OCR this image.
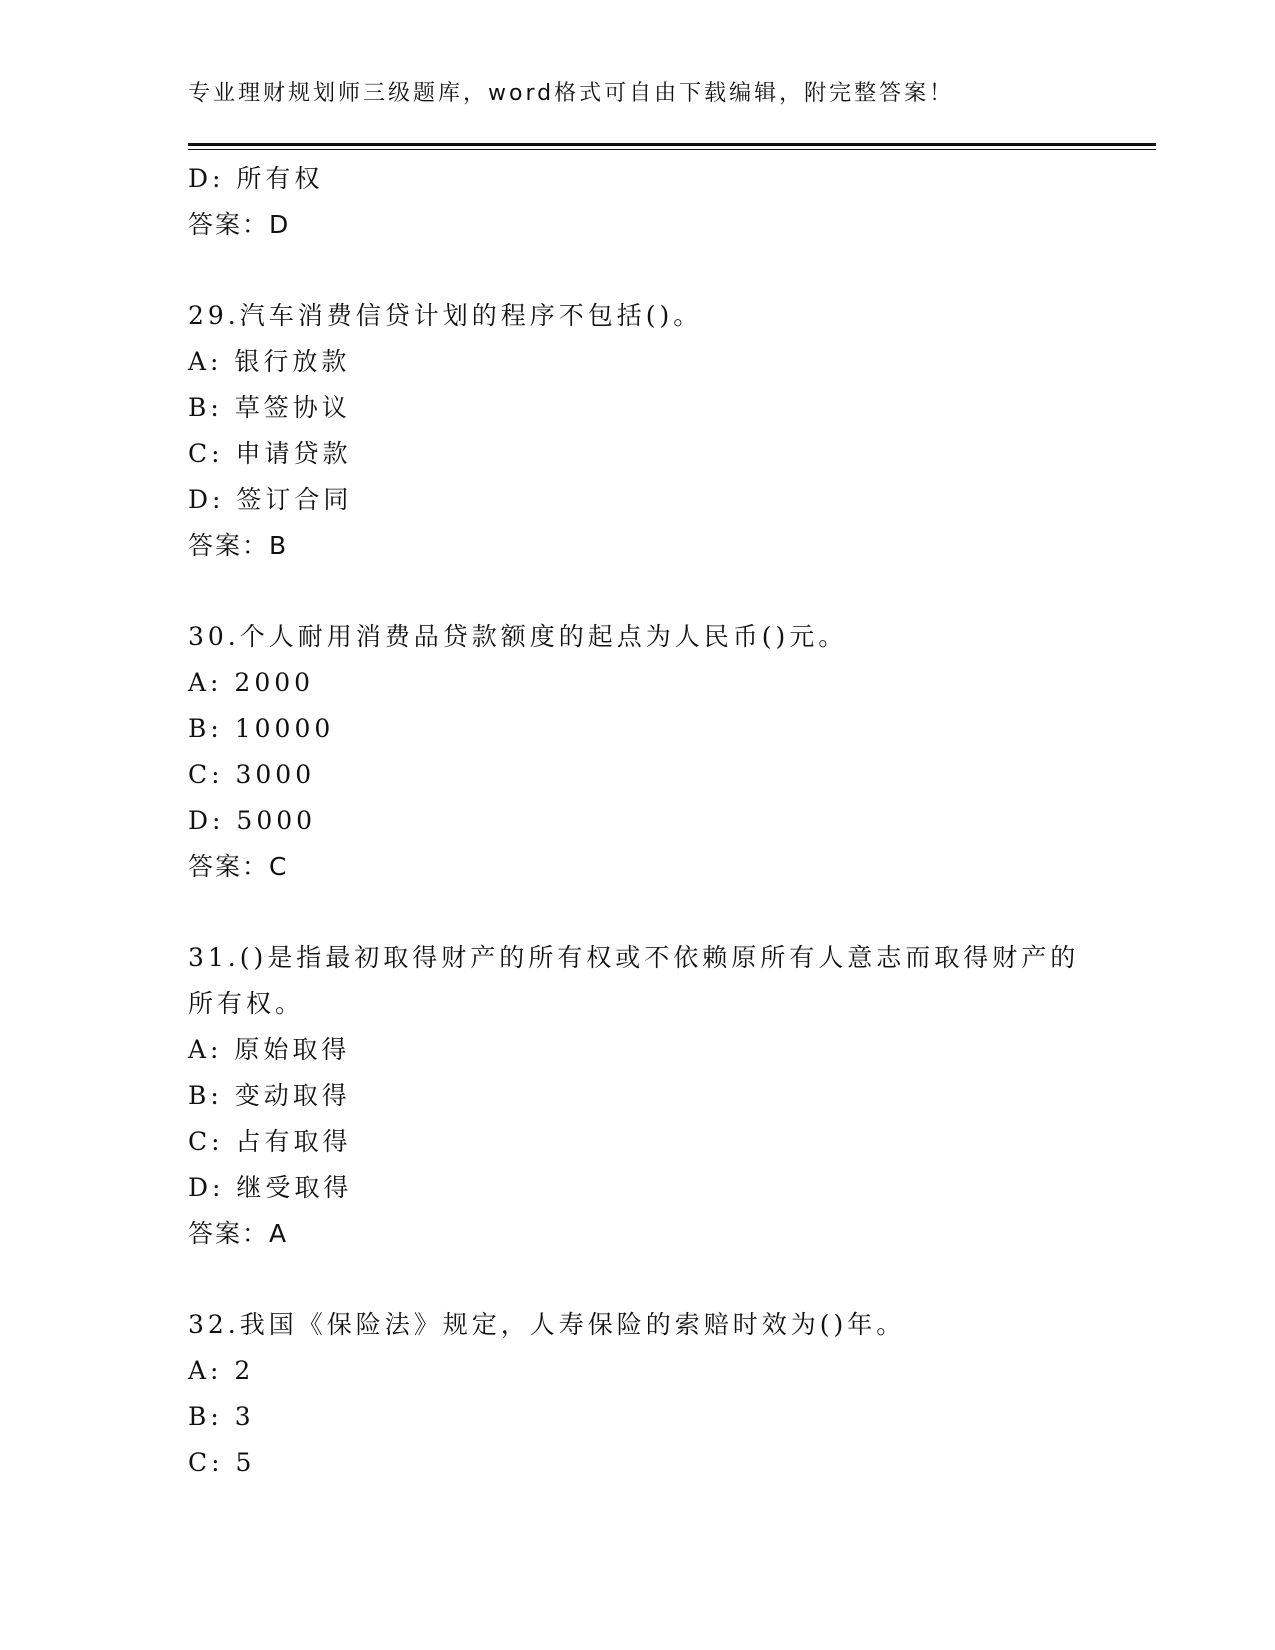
专业理财规划师三级题库，word格式可自由下载编辑，附完整答案！
D: 所有权
答案：D
29.汽车消费信贷计划的程序不包括()。
A: 银行放款
B: 草签协议
C: 申请贷款
D: 签订合同
答案：B
30.个人耐用消费品贷款额度的起点为人民币()元。
A: 2000
B: 10000
C: 3000
D: 5000
答案：C
31.()是指最初取得财产的所有权或不依赖原所有人意志而取得财产的
所有权。
A: 原始取得
B: 变动取得
C: 占有取得
D: 继受取得
答案：A
32.我国《保险法》规定，人寿保险的索赔时效为()年。
A: 2
B: 3
C: 5
